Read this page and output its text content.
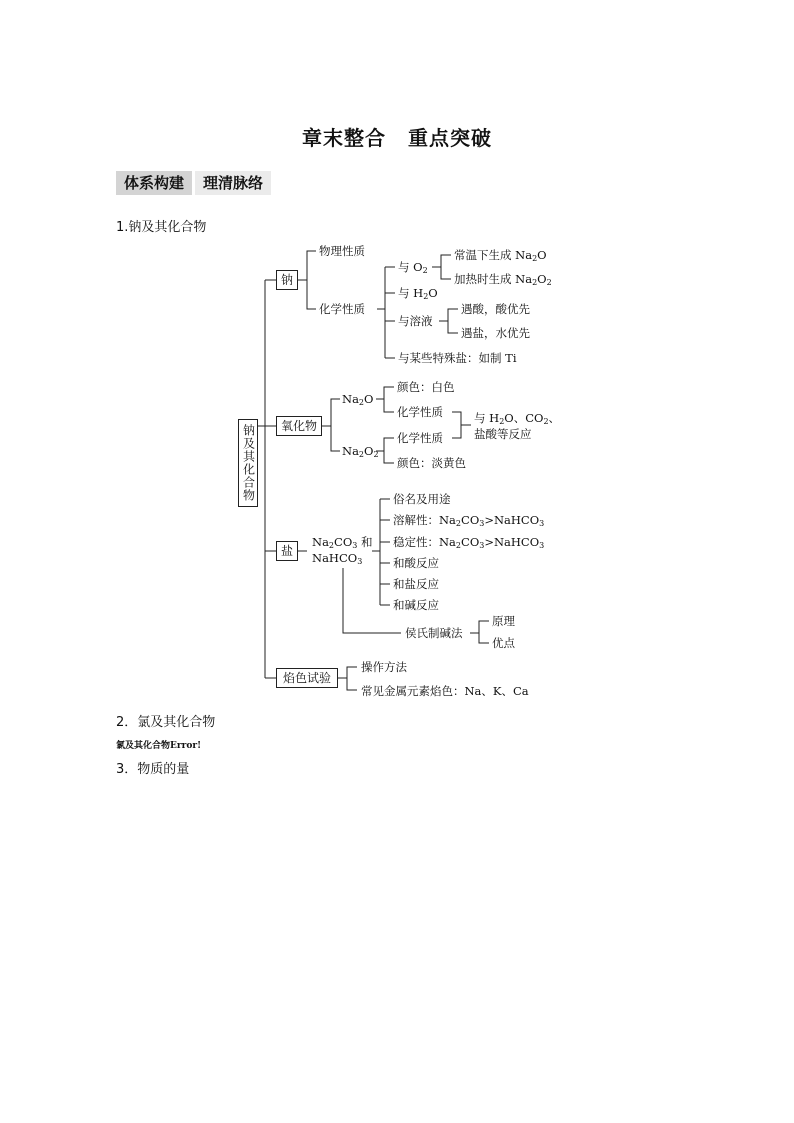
章末整合 重点突破
体系构建	理清脉络
1.钠及其化合物
钠及其化合物
钠
物理性质
化学性质
与 $O_2$
常温下生成 $Na_2O$
加热时生成 $Na_2O_2$
与 $H_2O$
与溶液
遇酸，酸优先
遇盐，水优先
与某些特殊盐：如制 Ti
氧化物
$Na_2O$
$Na_2O_2$
颜色：白色
化学性质
化学性质
颜色：淡黄色
与 $H_2O$、$CO_2$、
盐酸等反应
盐
$Na_2CO_3$ 和
NaHCO$_3$
俗名及用途
溶解性：$Na_2CO_3>NaHCO_3$
稳定性：$Na_2CO_3>NaHCO_3$
和酸反应
和盐反应
和碱反应
侯氏制碱法
原理
优点
焰色试验
操作方法
常见金属元素焰色：Na、K、Ca
2．氯及其化合物
氯及其化合物Error!
3．物质的量
